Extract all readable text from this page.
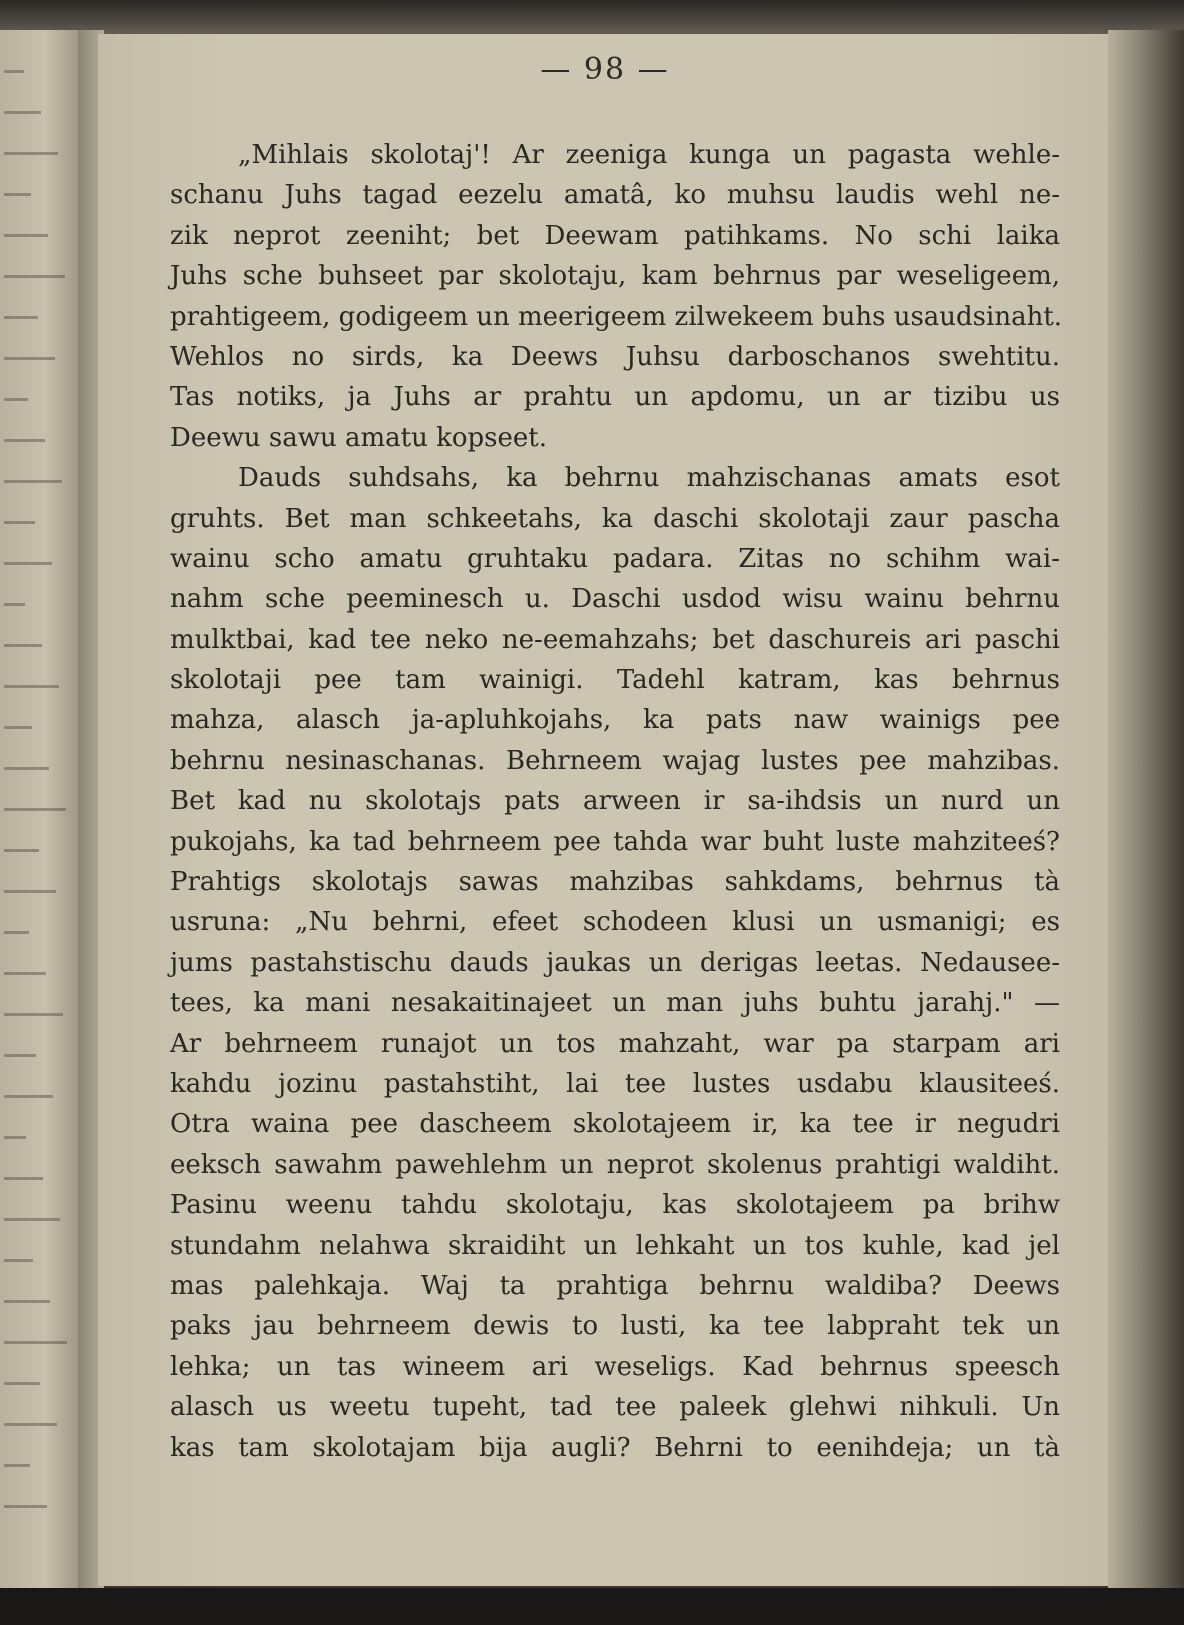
— 98 —
„Mihlais skolotaj'! Ar zeeniga kunga un pagasta wehle-
schanu Juhs tagad eezelu amatâ, ko muhsu laudis wehl ne-
zik neprot zeeniht; bet Deewam patihkams. No schi laika
Juhs sche buhseet par skolotaju, kam behrnus par weseligeem,
prahtigeem, godigeem un meerigeem zilwekeem buhs usaudsinaht.
Wehlos no sirds, ka Deews Juhsu darboschanos swehtitu.
Tas notiks, ja Juhs ar prahtu un apdomu, un ar tizibu us
Deewu sawu amatu kopseet.
Dauds suhdsahs, ka behrnu mahzischanas amats esot
gruhts. Bet man schkeetahs, ka daschi skolotaji zaur pascha
wainu scho amatu gruhtaku padara. Zitas no schihm wai-
nahm sche peeminesch u. Daschi usdod wisu wainu behrnu
mulktbai, kad tee neko ne-eemahzahs; bet daschureis ari paschi
skolotaji pee tam wainigi. Tadehl katram, kas behrnus
mahza, alasch ja-apluhkojahs, ka pats naw wainigs pee
behrnu nesinaschanas. Behrneem wajag lustes pee mahzibas.
Bet kad nu skolotajs pats arween ir sa-ihdsis un nurd un
pukojahs, ka tad behrneem pee tahda war buht luste mahziteeś?
Prahtigs skolotajs sawas mahzibas sahkdams, behrnus tà
usruna: „Nu behrni, efeet schodeen klusi un usmanigi; es
jums pastahstischu dauds jaukas un derigas leetas. Nedausee-
tees, ka mani nesakaitinajeet un man juhs buhtu jarahj." —
Ar behrneem runajot un tos mahzaht, war pa starpam ari
kahdu jozinu pastahstiht, lai tee lustes usdabu klausiteeś.
Otra waina pee dascheem skolotajeem ir, ka tee ir negudri
eeksch sawahm pawehlehm un neprot skolenus prahtigi waldiht.
Pasinu weenu tahdu skolotaju, kas skolotajeem pa brihw
stundahm nelahwa skraidiht un lehkaht un tos kuhle, kad jel
mas palehkaja. Waj ta prahtiga behrnu waldiba? Deews
paks jau behrneem dewis to lusti, ka tee labpraht tek un
lehka; un tas wineem ari weseligs. Kad behrnus speesch
alasch us weetu tupeht, tad tee paleek glehwi nihkuli. Un
kas tam skolotajam bija augli? Behrni to eenihdeja; un tà
